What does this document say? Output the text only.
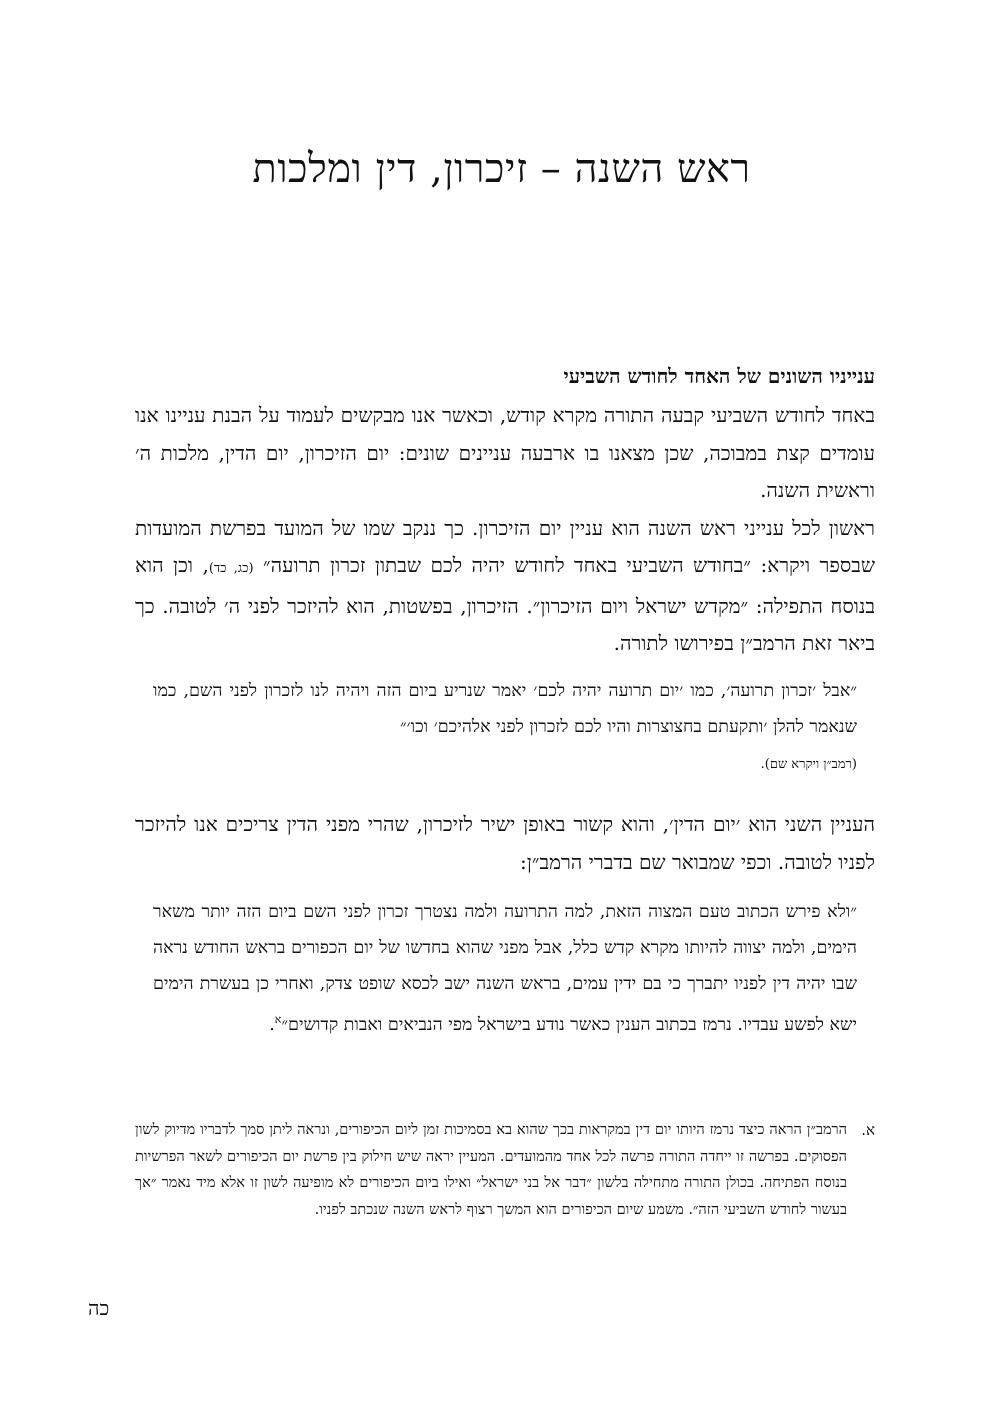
ראש השנה – זיכרון, דין ומלכות
ענייניו השונים של האחד לחודש השביעי

באחד לחודש השביעי קבעה התורה מקרא קודש, וכאשר אנו מבקשים לעמוד על הבנת עניינו אנו עומדים קצת במבוכה, שכן מצאנו בו ארבעה עניינים שונים: יום הזיכרון, יום הדין, מלכות ה׳ וראשית השנה.

ראשון לכל ענייני ראש השנה הוא עניין יום הזיכרון. כך ננקב שמו של המועד בפרשת המועדות שבספר ויקרא: ״בחודש השביעי באחד לחודש יהיה לכם שבתון זכרון תרועה״ (כג, כד), וכן הוא בנוסח התפילה: ״מקדש ישראל ויום הזיכרון״. הזיכרון, בפשטות, הוא להיזכר לפני ה׳ לטובה. כך ביאר זאת הרמב״ן בפירושו לתורה.

״אבל ׳זכרון תרועה׳, כמו ׳יום תרועה יהיה לכם׳ יאמר שנריע ביום הזה ויהיה לנו לזכרון לפני השם, כמו שנאמר להלן ׳ותקעתם בחצוצרות והיו לכם לזכרון לפני אלהיכם׳ וכו׳״
(רמב״ן ויקרא שם).

העניין השני הוא ׳יום הדין׳, והוא קשור באופן ישיר לזיכרון, שהרי מפני הדין צריכים אנו להיזכר לפניו לטובה. וכפי שמבואר שם בדברי הרמב״ן:

״ולא פירש הכתוב טעם המצוה הזאת, למה התרועה ולמה נצטרך זכרון לפני השם ביום הזה יותר משאר הימים, ולמה יצווה להיותו מקרא קדש כלל, אבל מפני שהוא בחדשו של יום הכפורים בראש החודש נראה שבו יהיה דין לפניו יתברך כי בם ידין עמים, בראש השנה ישב לכסא שופט צדק, ואחרי כן בעשרת הימים ישא לפשע עבדיו. נרמז בכתוב הענין כאשר נודע בישראל מפי הנביאים ואבות קדושים״$^א$.
א.
הרמב״ן הראה כיצד נרמז היותו יום דין במקראות בכך שהוא בא בסמיכות זמן ליום הכיפורים, ונראה ליתן סמך לדבריו מדיוק לשון הפסוקים. בפרשה זו ייחדה התורה פרשה לכל אחד מהמועדים. המעיין יראה שיש חילוק בין פרשת יום הכיפורים לשאר הפרשיות בנוסח הפתיחה. בכולן התורה מתחילה בלשון ״דבר אל בני ישראל״ ואילו ביום הכיפורים לא מופיעה לשון זו אלא מיד נאמר ״אך בעשור לחודש השביעי הזה״. משמע שיום הכיפורים הוא המשך רצוף לראש השנה שנכתב לפניו.
כה
